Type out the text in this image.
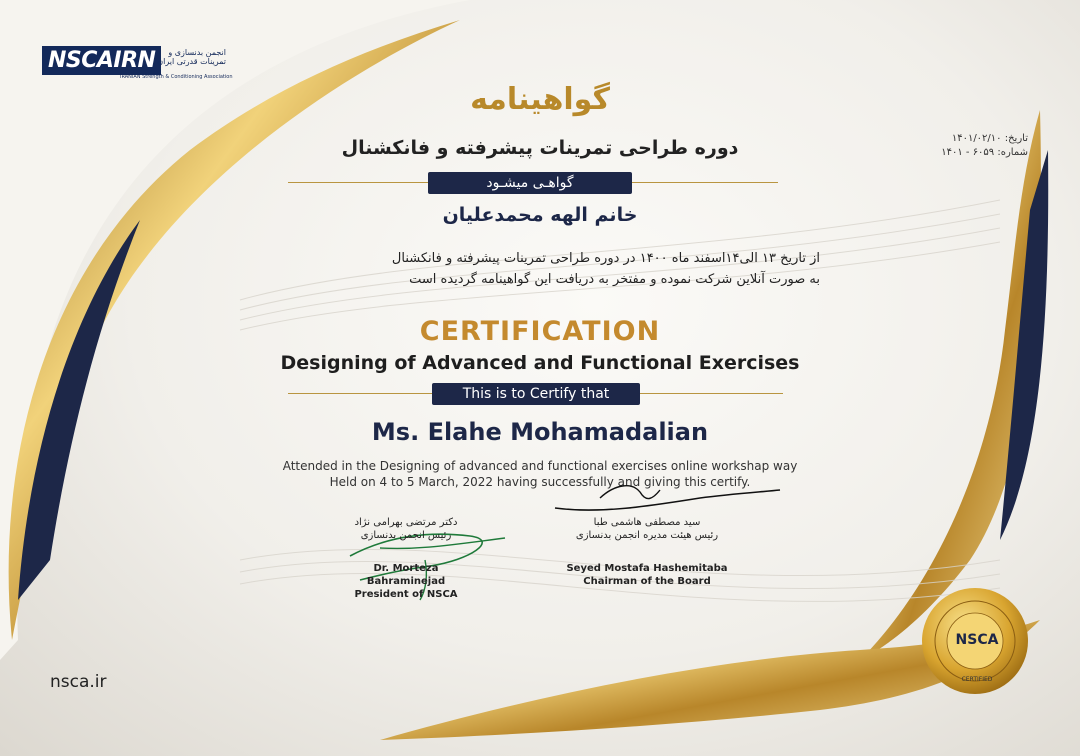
NSCAIRN	انجمن بدنسازی و تمرینات قدرتی ایران
IRANIAN Strength & Conditioning Association
تاریخ: ۱۴۰۱/۰۲/۱۰
شماره: ۶۰۵۹ - ۱۴۰۱
گواهینامه
دوره طراحی تمرینات پیشرفته و فانکشنال
گواهـی میشـود
خانم الهه محمدعلیان
از تاریخ ۱۳ الی۱۴اسفند ماه ۱۴۰۰ در دوره طراحی تمرینات پیشرفته و فانکشنال
به صورت آنلاین شرکت نموده و مفتخر به دریافت این گواهینامه گردیده است
CERTIFICATION
Designing of Advanced and Functional Exercises
This is to Certify that
Ms. Elahe Mohamadalian
Attended in the Designing of advanced and functional exercises online workshap way
Held on 4 to 5 March, 2022 having successfully and giving this certify.
دکتر مرتضی بهرامی نژاد
رئیس انجمن بدنسازی
Dr. Morteza Bahraminejad
President of NSCA
سید مصطفی هاشمی طبا
رئیس هیئت مدیره انجمن بدنسازی
Seyed Mostafa Hashemitaba
Chairman of the Board
NSCA
CERTIFIED
nsca.ir
